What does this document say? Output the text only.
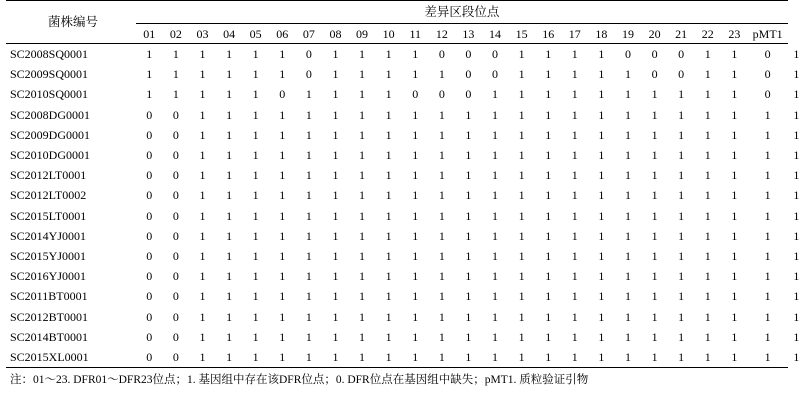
菌株编号	差异区段位点																								
	01	02	03	04	05	06	07	08	09	10	11	12	13	14	15	16	17	18	19	20	21	22	23	pMT1	

SC2008SQ0001	1	1	1	1	1	1	0	1	1	1	1	0	0	0	1	1	1	1	0	0	0	1	1	0	1
SC2009SQ0001	1	1	1	1	1	1	0	1	1	1	1	1	0	0	1	1	1	1	1	0	0	1	1	0	1
SC2010SQ0001	1	1	1	1	1	0	1	1	1	1	0	0	0	1	1	1	1	1	1	1	1	1	1	0	1
SC2008DG0001	0	0	1	1	1	1	1	1	1	1	1	1	1	1	1	1	1	1	1	1	1	1	1	1	1
SC2009DG0001	0	0	1	1	1	1	1	1	1	1	1	1	1	1	1	1	1	1	1	1	1	1	1	1	1
SC2010DG0001	0	0	1	1	1	1	1	1	1	1	1	1	1	1	1	1	1	1	1	1	1	1	1	1	1
SC2012LT0001	0	0	1	1	1	1	1	1	1	1	1	1	1	1	1	1	1	1	1	1	1	1	1	1	1
SC2012LT0002	0	0	1	1	1	1	1	1	1	1	1	1	1	1	1	1	1	1	1	1	1	1	1	1	1
SC2015LT0001	0	0	1	1	1	1	1	1	1	1	1	1	1	1	1	1	1	1	1	1	1	1	1	1	1
SC2014YJ0001	0	0	1	1	1	1	1	1	1	1	1	1	1	1	1	1	1	1	1	1	1	1	1	1	1
SC2015YJ0001	0	0	1	1	1	1	1	1	1	1	1	1	1	1	1	1	1	1	1	1	1	1	1	1	1
SC2016YJ0001	0	0	1	1	1	1	1	1	1	1	1	1	1	1	1	1	1	1	1	1	1	1	1	1	1
SC2011BT0001	0	0	1	1	1	1	1	1	1	1	1	1	1	1	1	1	1	1	1	1	1	1	1	1	1
SC2012BT0001	0	0	1	1	1	1	1	1	1	1	1	1	1	1	1	1	1	1	1	1	1	1	1	1	1
SC2014BT0001	0	0	1	1	1	1	1	1	1	1	1	1	1	1	1	1	1	1	1	1	1	1	1	1	1
SC2015XL0001	0	0	1	1	1	1	1	1	1	1	1	1	1	1	1	1	1	1	1	1	1	1	1	1	1

注：01～23. DFR01～DFR23位点；1. 基因组中存在该DFR位点；0. DFR位点在基因组中缺失；pMT1. 质粒验证引物
